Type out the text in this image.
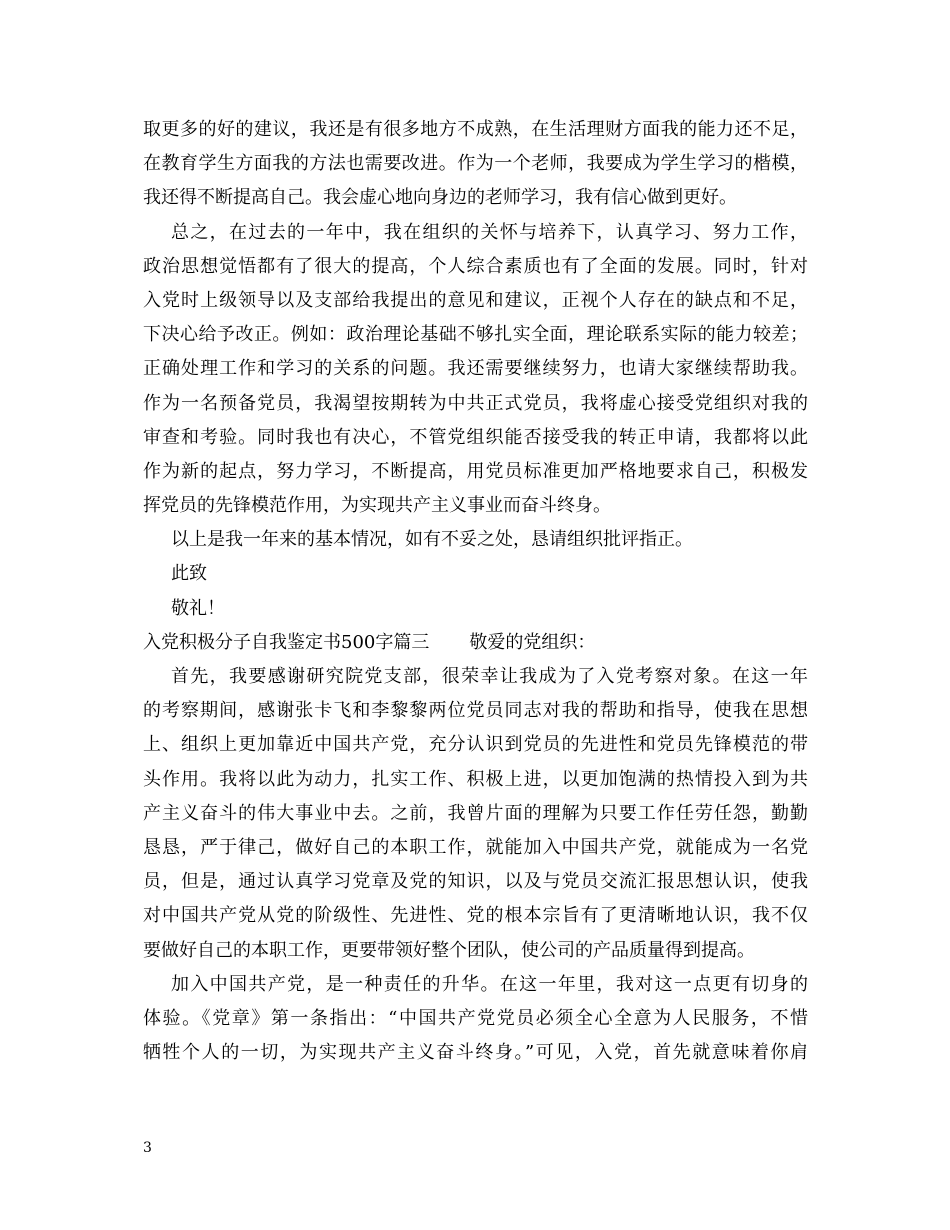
取更多的好的建议，我还是有很多地方不成熟，在生活理财方面我的能力还不足，
在教育学生方面我的方法也需要改进。作为一个老师，我要成为学生学习的楷模，
我还得不断提高自己。我会虚心地向身边的老师学习，我有信心做到更好。
总之，在过去的一年中，我在组织的关怀与培养下，认真学习、努力工作，
政治思想觉悟都有了很大的提高，个人综合素质也有了全面的发展。同时，针对
入党时上级领导以及支部给我提出的意见和建议，正视个人存在的缺点和不足，
下决心给予改正。例如：政治理论基础不够扎实全面，理论联系实际的能力较差；
正确处理工作和学习的关系的问题。我还需要继续努力，也请大家继续帮助我。
作为一名预备党员，我渴望按期转为中共正式党员，我将虚心接受党组织对我的
审查和考验。同时我也有决心，不管党组织能否接受我的转正申请，我都将以此
作为新的起点，努力学习，不断提高，用党员标准更加严格地要求自己，积极发
挥党员的先锋模范作用，为实现共产主义事业而奋斗终身。
以上是我一年来的基本情况，如有不妥之处，恳请组织批评指正。
此致
敬礼！
入党积极分子自我鉴定书500字篇三 敬爱的党组织：
首先，我要感谢研究院党支部，很荣幸让我成为了入党考察对象。在这一年
的考察期间，感谢张卡飞和李黎黎两位党员同志对我的帮助和指导，使我在思想
上、组织上更加靠近中国共产党，充分认识到党员的先进性和党员先锋模范的带
头作用。我将以此为动力，扎实工作、积极上进，以更加饱满的热情投入到为共
产主义奋斗的伟大事业中去。之前，我曾片面的理解为只要工作任劳任怨，勤勤
恳恳，严于律己，做好自己的本职工作，就能加入中国共产党，就能成为一名党
员，但是，通过认真学习党章及党的知识，以及与党员交流汇报思想认识，使我
对中国共产党从党的阶级性、先进性、党的根本宗旨有了更清晰地认识，我不仅
要做好自己的本职工作，更要带领好整个团队，使公司的产品质量得到提高。
加入中国共产党，是一种责任的升华。在这一年里，我对这一点更有切身的
体验。《党章》第一条指出：“中国共产党党员必须全心全意为人民服务，不惜
牺牲个人的一切，为实现共产主义奋斗终身。”可见，入党，首先就意味着你肩
3
